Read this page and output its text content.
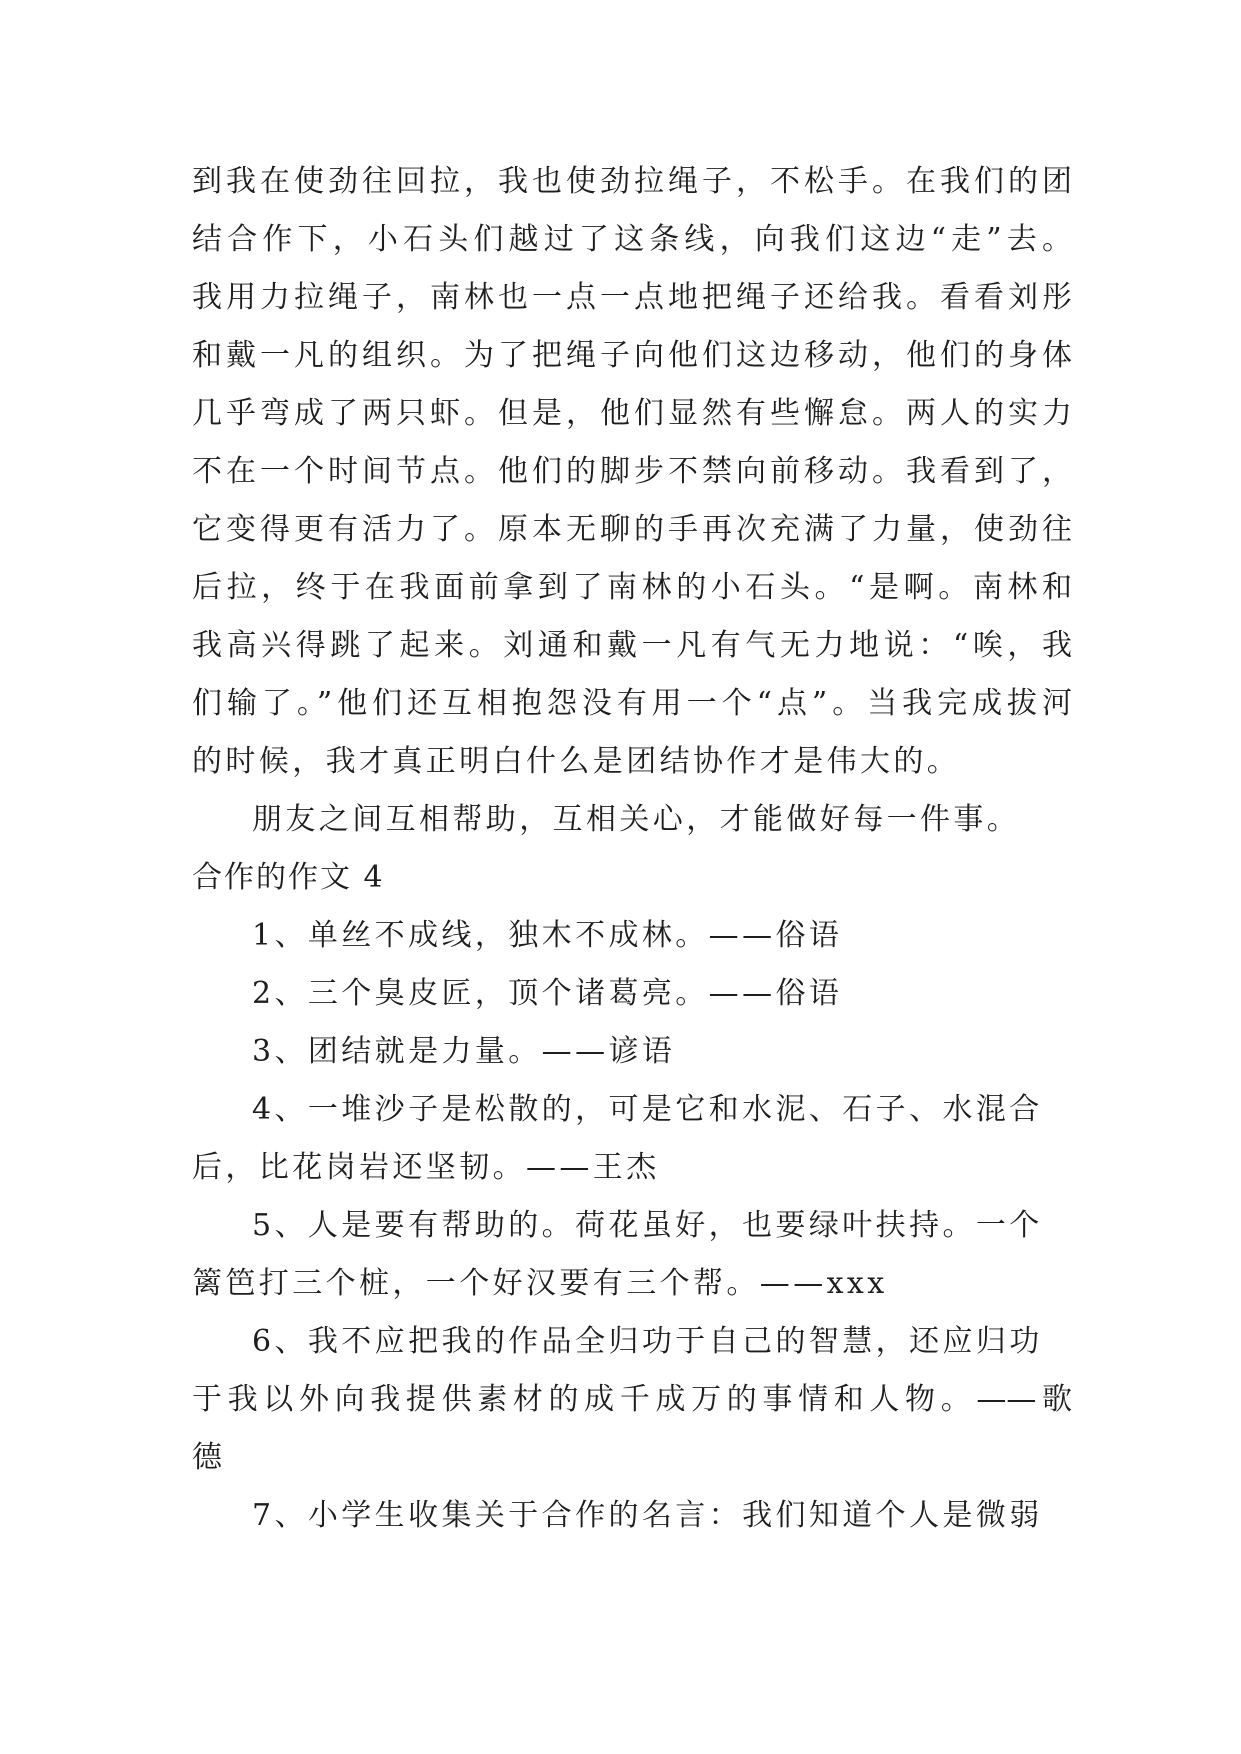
到我在使劲往回拉，我也使劲拉绳子，不松手。在我们的团
结合作下，小石头们越过了这条线，向我们这边“走”去。
我用力拉绳子，南林也一点一点地把绳子还给我。看看刘彤
和戴一凡的组织。为了把绳子向他们这边移动，他们的身体
几乎弯成了两只虾。但是，他们显然有些懈怠。两人的实力
不在一个时间节点。他们的脚步不禁向前移动。我看到了，
它变得更有活力了。原本无聊的手再次充满了力量，使劲往
后拉，终于在我面前拿到了南林的小石头。“是啊。南林和
我高兴得跳了起来。刘通和戴一凡有气无力地说：“唉，我
们输了。”他们还互相抱怨没有用一个“点”。当我完成拔河
的时候，我才真正明白什么是团结协作才是伟大的。
朋友之间互相帮助，互相关心，才能做好每一件事。
合作的作文 4
1、单丝不成线，独木不成林。——俗语
2、三个臭皮匠，顶个诸葛亮。——俗语
3、团结就是力量。——谚语
4、一堆沙子是松散的，可是它和水泥、石子、水混合
后，比花岗岩还坚韧。——王杰
5、人是要有帮助的。荷花虽好，也要绿叶扶持。一个
篱笆打三个桩，一个好汉要有三个帮。——xxx
6、我不应把我的作品全归功于自己的智慧，还应归功
于我以外向我提供素材的成千成万的事情和人物。——歌
德
7、小学生收集关于合作的名言：我们知道个人是微弱
